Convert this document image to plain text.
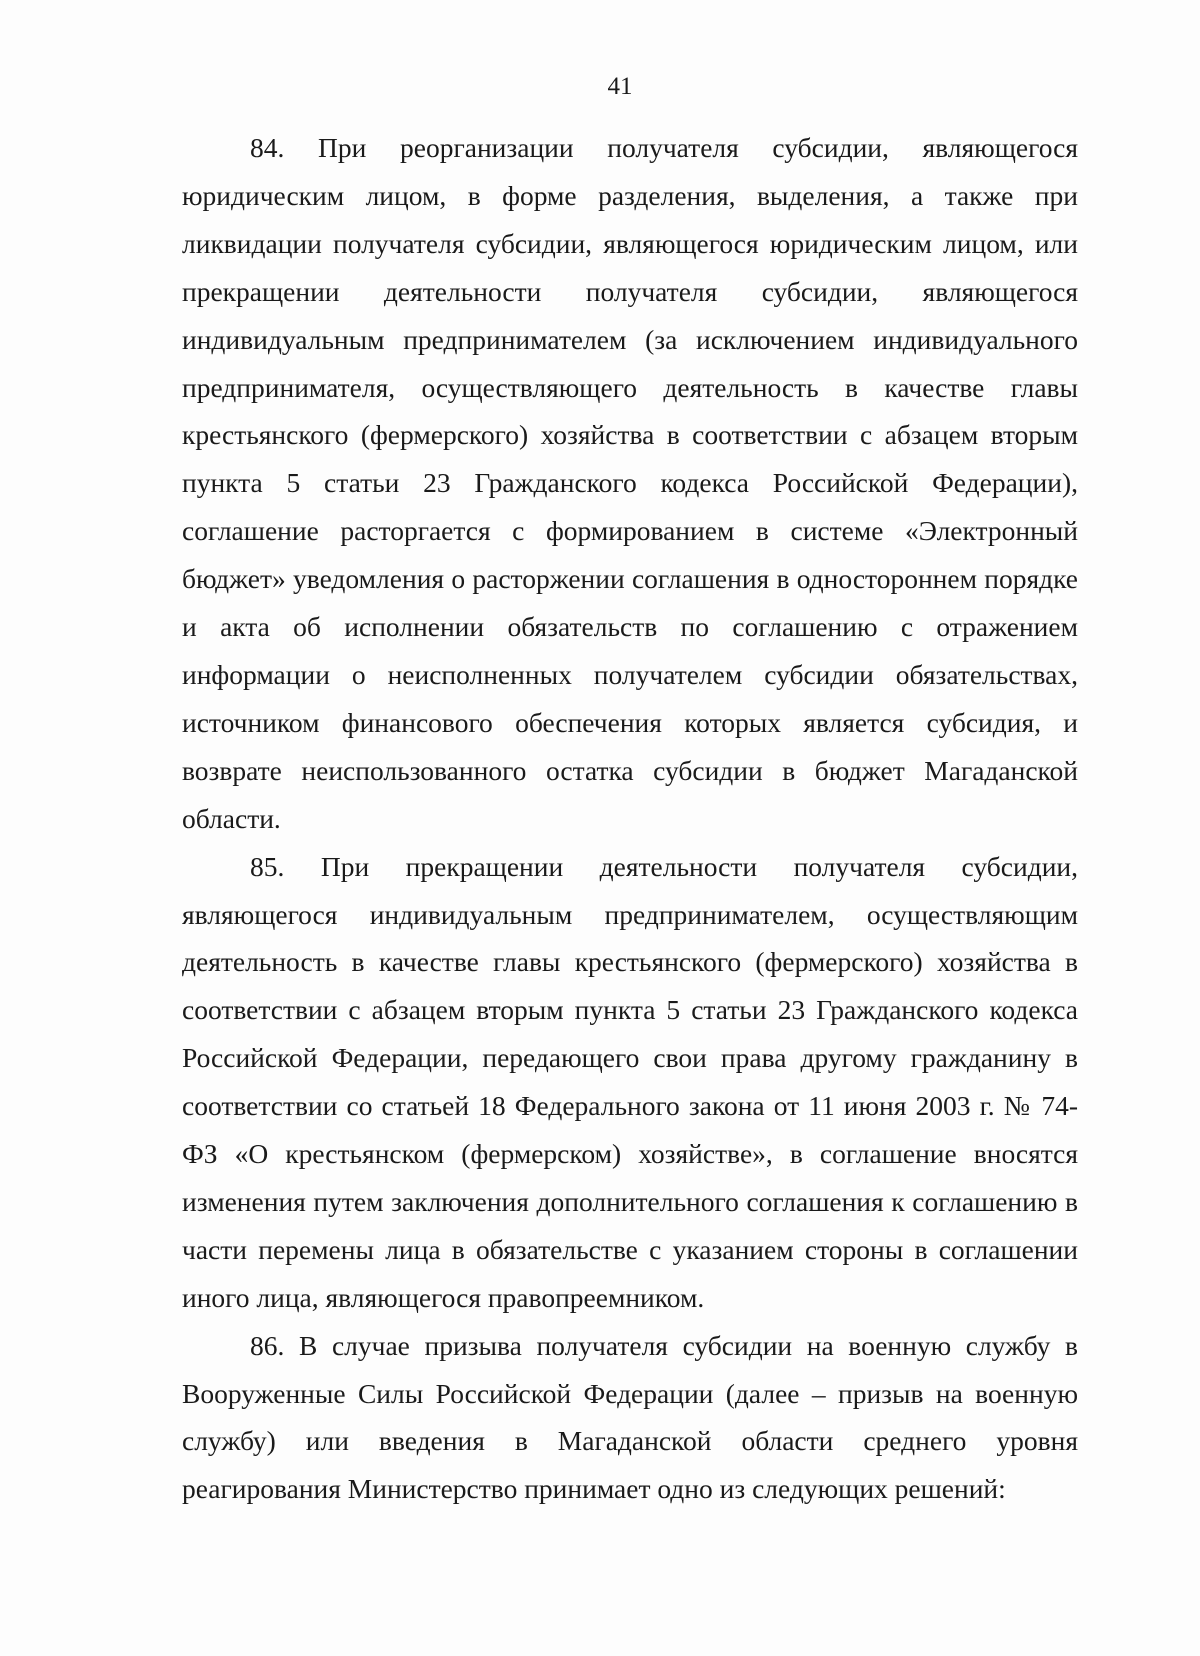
41

84. При реорганизации получателя субсидии, являющегося юридическим лицом, в форме разделения, выделения, а также при ликвидации получателя субсидии, являющегося юридическим лицом, или прекращении деятельности получателя субсидии, являющегося индивидуальным предпринимателем (за исключением индивидуального предпринимателя, осуществляющего деятельность в качестве главы крестьянского (фермерского) хозяйства в соответствии с абзацем вторым пункта 5 статьи 23 Гражданского кодекса Российской Федерации), соглашение расторгается с формированием в системе «Электронный бюджет» уведомления о расторжении соглашения в одностороннем порядке и акта об исполнении обязательств по соглашению с отражением информации о неисполненных получателем субсидии обязательствах, источником финансового обеспечения которых является субсидия, и возврате неиспользованного остатка субсидии в бюджет Магаданской области.

85. При прекращении деятельности получателя субсидии, являющегося индивидуальным предпринимателем, осуществляющим деятельность в качестве главы крестьянского (фермерского) хозяйства в соответствии с абзацем вторым пункта 5 статьи 23 Гражданского кодекса Российской Федерации, передающего свои права другому гражданину в соответствии со статьей 18 Федерального закона от 11 июня 2003 г. № 74-ФЗ «О крестьянском (фермерском) хозяйстве», в соглашение вносятся изменения путем заключения дополнительного соглашения к соглашению в части перемены лица в обязательстве с указанием стороны в соглашении иного лица, являющегося правопреемником.

86. В случае призыва получателя субсидии на военную службу в Вооруженные Силы Российской Федерации (далее – призыв на военную службу) или введения в Магаданской области среднего уровня реагирования Министерство принимает одно из следующих решений:
